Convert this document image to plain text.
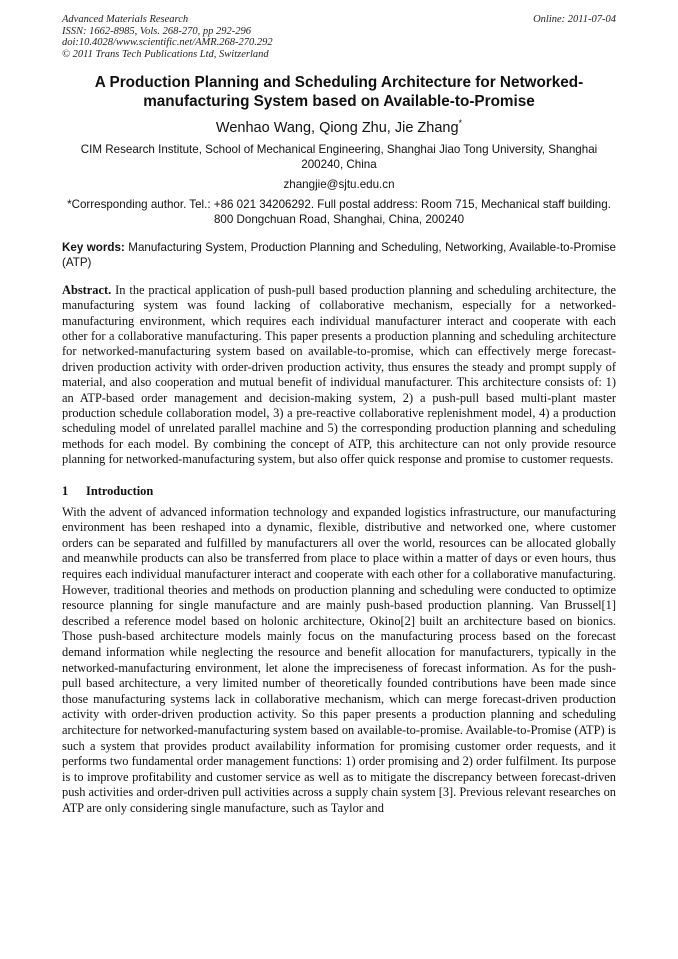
Advanced Materials Research
ISSN: 1662-8985, Vols. 268-270, pp 292-296
doi:10.4028/www.scientific.net/AMR.268-270.292
© 2011 Trans Tech Publications Ltd, Switzerland
Online: 2011-07-04
A Production Planning and Scheduling Architecture for Networked-manufacturing System based on Available-to-Promise
Wenhao Wang, Qiong Zhu, Jie Zhang*
CIM Research Institute, School of Mechanical Engineering, Shanghai Jiao Tong University, Shanghai 200240, China
zhangjie@sjtu.edu.cn
*Corresponding author. Tel.: +86 021 34206292. Full postal address: Room 715, Mechanical staff building. 800 Dongchuan Road, Shanghai, China, 200240
Key words: Manufacturing System, Production Planning and Scheduling, Networking, Available-to-Promise (ATP)
Abstract. In the practical application of push-pull based production planning and scheduling architecture, the manufacturing system was found lacking of collaborative mechanism, especially for a networked-manufacturing environment, which requires each individual manufacturer interact and cooperate with each other for a collaborative manufacturing. This paper presents a production planning and scheduling architecture for networked-manufacturing system based on available-to-promise, which can effectively merge forecast-driven production activity with order-driven production activity, thus ensures the steady and prompt supply of material, and also cooperation and mutual benefit of individual manufacturer. This architecture consists of: 1) an ATP-based order management and decision-making system, 2) a push-pull based multi-plant master production schedule collaboration model, 3) a pre-reactive collaborative replenishment model, 4) a production scheduling model of unrelated parallel machine and 5) the corresponding production planning and scheduling methods for each model. By combining the concept of ATP, this architecture can not only provide resource planning for networked-manufacturing system, but also offer quick response and promise to customer requests.
1 Introduction
With the advent of advanced information technology and expanded logistics infrastructure, our manufacturing environment has been reshaped into a dynamic, flexible, distributive and networked one, where customer orders can be separated and fulfilled by manufacturers all over the world, resources can be allocated globally and meanwhile products can also be transferred from place to place within a matter of days or even hours, thus requires each individual manufacturer interact and cooperate with each other for a collaborative manufacturing. However, traditional theories and methods on production planning and scheduling were conducted to optimize resource planning for single manufacture and are mainly push-based production planning. Van Brussel[1] described a reference model based on holonic architecture, Okino[2] built an architecture based on bionics. Those push-based architecture models mainly focus on the manufacturing process based on the forecast demand information while neglecting the resource and benefit allocation for manufacturers, typically in the networked-manufacturing environment, let alone the impreciseness of forecast information. As for the push-pull based architecture, a very limited number of theoretically founded contributions have been made since those manufacturing systems lack in collaborative mechanism, which can merge forecast-driven production activity with order-driven production activity. So this paper presents a production planning and scheduling architecture for networked-manufacturing system based on available-to-promise. Available-to-Promise (ATP) is such a system that provides product availability information for promising customer order requests, and it performs two fundamental order management functions: 1) order promising and 2) order fulfilment. Its purpose is to improve profitability and customer service as well as to mitigate the discrepancy between forecast-driven push activities and order-driven pull activities across a supply chain system [3]. Previous relevant researches on ATP are only considering single manufacture, such as Taylor and
